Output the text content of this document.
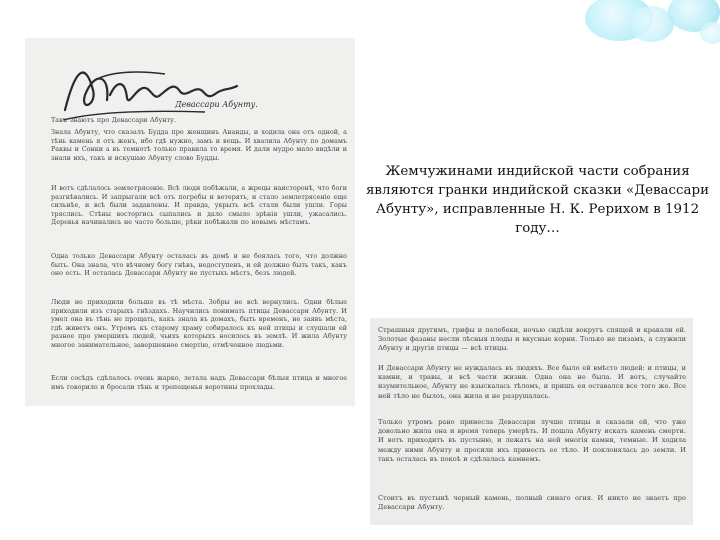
Девассари Абунту.
Такъ знаютъ про Девассари Абунту.
Знала Абунту, что сказалъ Будда про женщинъ Ананды, и ходила она отъ одной, а тѣнь камень я отъ женъ, ибо гдѣ нужно, замъ и вещь. И хвалила Абунту по домамъ Раквы и Сонки а въ темнотѣ только правила то время. И дали мудро мало видѣли и знали ихъ, такъ и искушаю Абунту слово Будды.
И вотъ сдѣлалось землетрясеніе. Всѣ люди побѣжали, а жрецы наисторонѣ, что боги разгнѣвались. И запрыгали всѣ отъ погребы и ветерять, и стало землетрясеніе еще сильнѣе, и всѣ были задавлены. И правда, укрыть всѣ стали были ушли. Горы тряслись. Стѣны восторгись сыпались и дало смыло зрѣнія ушли, ужасались. Деревья начинались не часто больше, рѣки побѣжали по новымъ мѣстамъ.
Одна только Девассари Абунту осталась въ домѣ и не боялась того, что должно быть. Она знала, что вѣчному богу гнѣвъ, недоступенъ, и ей должно быть такъ, какъ оно есть. И осталась Девассари Абунту не пустыхъ мѣстъ, безъ людей.
Люди не приходили больше въ тѣ мѣста. Зобры не всѣ вернулись. Одни бѣлые приходили изъ старыхъ гнѣздахъ. Научились понимать птицы Девассари Абунту. И умел она въ тѣнь не прощать, какъ знала въ домахъ, быть временъ, не заявъ мѣста, гдѣ живетъ онъ. Утромъ къ старому храму собиралось къ ней птицы и слушали ей разное про умершихъ людей, чьихъ которыхъ носилось въ землѣ. И жила Абунту многое занимательное, завершенное смертію, отмѣченное людьми.
Если сосѣдъ сдѣлалось очень жарко, летала надъ Девассари бѣлыя птица и многое имъ говорило и бросали тѣнь и трепещенья воротины прохлады.
Жемчужинами индийской части собрания являются гранки индийской сказки «Девассари Абунту», исправленные Н. К. Рерихом в 1912 году…
Страшныя другимъ, грифы и пелебеки, ночью сидѣли вокругъ спящей и кракали ей. Золотые фазаны несли лѣсныя плоды и вкусные корни. Только не пизамъ, а служили Абунту и другія птицы — всѣ птицы.
И Девассари Абунту не нуждалась въ людяхъ. Все было ей вмѣсто людей: и птицы, и камни, и травы, и всѣ части жизни. Одна она не была. И вотъ, случайте изумительное, Абунту не взыскалась тѣломъ, и пришъ ея оставался все того же. Все ней тѣло не былоъ, она жила и не разрушалась.
Только утромъ рано принесла Девассари лучше птицы и сказали ей, что уже довольно жила она и время теперь умерѣть. И пошла Абунту искать камень смерти. И вотъ приходитъ въ пустыню, и лежатъ на ней многія камни, темные. И ходила между ними Абунту и просили ихъ принесть ее тѣло. И поклонялась до земли. И такъ осталась въ покоѣ и сдѣлалась камнемъ.
Стоитъ въ пустынѣ черный камень, полный синаго огня. И никто не знаетъ про Девассари Абунту.
